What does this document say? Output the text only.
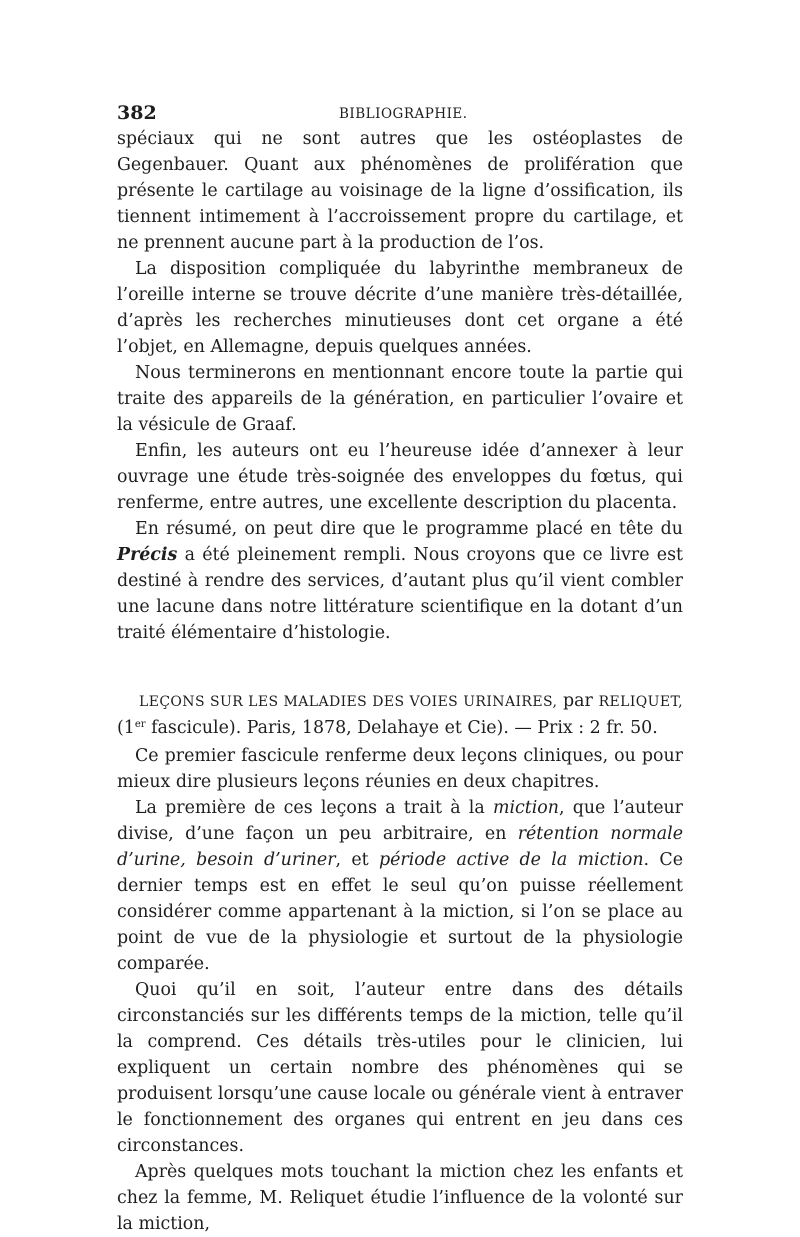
382	BIBLIOGRAPHIE.

spéciaux qui ne sont autres que les ostéoplastes de Gegenbauer. Quant aux phénomènes de prolifération que présente le cartilage au voisinage de la ligne d’ossification, ils tiennent intimement à l’accroissement propre du cartilage, et ne prennent aucune part à la production de l’os.

La disposition compliquée du labyrinthe membraneux de l’oreille interne se trouve décrite d’une manière très-détaillée, d’après les recherches minutieuses dont cet organe a été l’objet, en Allemagne, depuis quelques années.

Nous terminerons en mentionnant encore toute la partie qui traite des appareils de la génération, en particulier l’ovaire et la vésicule de Graaf.

Enfin, les auteurs ont eu l’heureuse idée d’annexer à leur ouvrage une étude très-soignée des enveloppes du fœtus, qui renferme, entre autres, une excellente description du placenta.

En résumé, on peut dire que le programme placé en tête du Précis a été pleinement rempli. Nous croyons que ce livre est destiné à rendre des services, d’autant plus qu’il vient combler une lacune dans notre littérature scientifique en la dotant d’un traité élémentaire d’histologie.

LEÇONS SUR LES MALADIES DES VOIES URINAIRES, par RELIQUET, (1er fascicule). Paris, 1878, Delahaye et Cie). — Prix : 2 fr. 50.

Ce premier fascicule renferme deux leçons cliniques, ou pour mieux dire plusieurs leçons réunies en deux chapitres.

La première de ces leçons a trait à la miction, que l’auteur divise, d’une façon un peu arbitraire, en rétention normale d’urine, besoin d’uriner, et période active de la miction. Ce dernier temps est en effet le seul qu’on puisse réellement considérer comme appartenant à la miction, si l’on se place au point de vue de la physiologie et surtout de la physiologie comparée.

Quoi qu’il en soit, l’auteur entre dans des détails circonstanciés sur les différents temps de la miction, telle qu’il la comprend. Ces détails très-utiles pour le clinicien, lui expliquent un certain nombre des phénomènes qui se produisent lorsqu’une cause locale ou générale vient à entraver le fonctionnement des organes qui entrent en jeu dans ces circonstances.

Après quelques mots touchant la miction chez les enfants et chez la femme, M. Reliquet étudie l’influence de la volonté sur la miction,
